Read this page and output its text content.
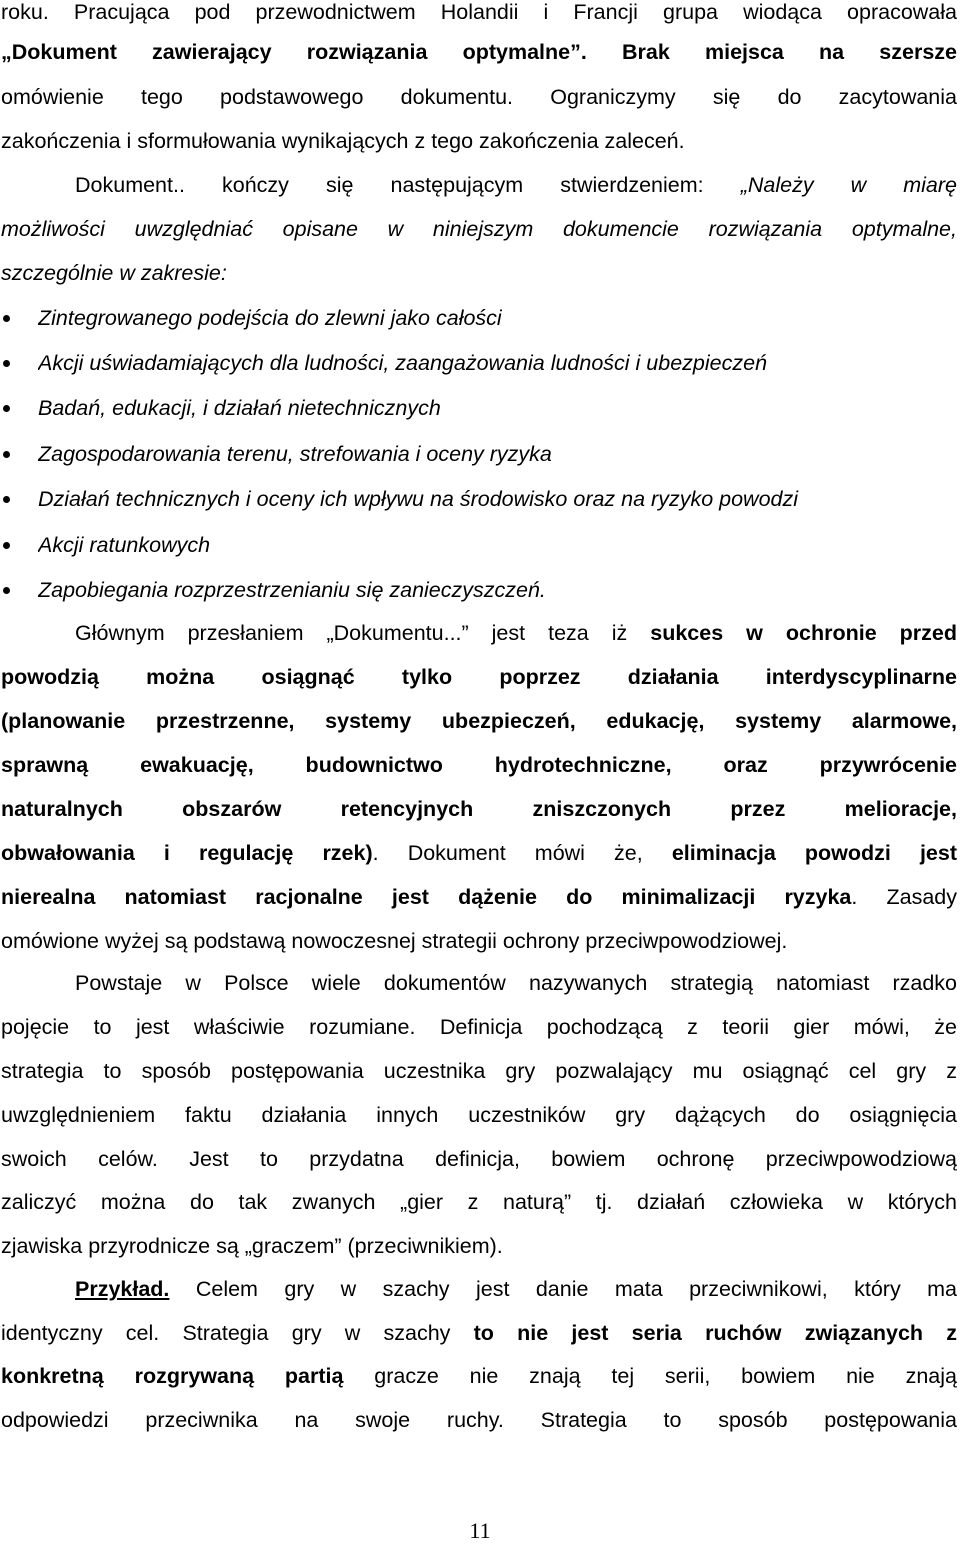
roku. Pracująca pod przewodnictwem Holandii i Francji grupa wiodąca opracowała
„Dokument zawierający rozwiązania optymalne”. Brak miejsca na szersze
omówienie tego podstawowego dokumentu. Ograniczymy się do zacytowania
zakończenia i sformułowania wynikających z tego zakończenia zaleceń.
Dokument.. kończy się następującym stwierdzeniem: „Należy w miarę
możliwości uwzględniać opisane w niniejszym dokumencie rozwiązania optymalne,
szczególnie w zakresie:
Zintegrowanego podejścia do zlewni jako całości
Akcji uświadamiających dla ludności, zaangażowania ludności i ubezpieczeń
Badań, edukacji, i działań nietechnicznych
Zagospodarowania terenu, strefowania i oceny ryzyka
Działań technicznych i oceny ich wpływu na środowisko oraz na ryzyko powodzi
Akcji ratunkowych
Zapobiegania rozprzestrzenianiu się zanieczyszczeń.
Głównym przesłaniem „Dokumentu...” jest teza iż sukces w ochronie przed
powodzią można osiągnąć tylko poprzez działania interdyscyplinarne
(planowanie przestrzenne, systemy ubezpieczeń, edukację, systemy alarmowe,
sprawną ewakuację, budownictwo hydrotechniczne, oraz przywrócenie
naturalnych obszarów retencyjnych zniszczonych przez melioracje,
obwałowania i regulację rzek). Dokument mówi że, eliminacja powodzi jest
nierealna natomiast racjonalne jest dążenie do minimalizacji ryzyka. Zasady
omówione wyżej są podstawą nowoczesnej strategii ochrony przeciwpowodziowej.
Powstaje w Polsce wiele dokumentów nazywanych strategią natomiast rzadko
pojęcie to jest właściwie rozumiane. Definicja pochodzącą z teorii gier mówi, że
strategia to sposób postępowania uczestnika gry pozwalający mu osiągnąć cel gry z
uwzględnieniem faktu działania innych uczestników gry dążących do osiągnięcia
swoich celów. Jest to przydatna definicja, bowiem ochronę przeciwpowodziową
zaliczyć można do tak zwanych „gier z naturą” tj. działań człowieka w których
zjawiska przyrodnicze są „graczem” (przeciwnikiem).
Przykład. Celem gry w szachy jest danie mata przeciwnikowi, który ma
identyczny cel. Strategia gry w szachy to nie jest seria ruchów związanych z
konkretną rozgrywaną partią gracze nie znają tej serii, bowiem nie znają
odpowiedzi przeciwnika na swoje ruchy. Strategia to sposób postępowania
11
